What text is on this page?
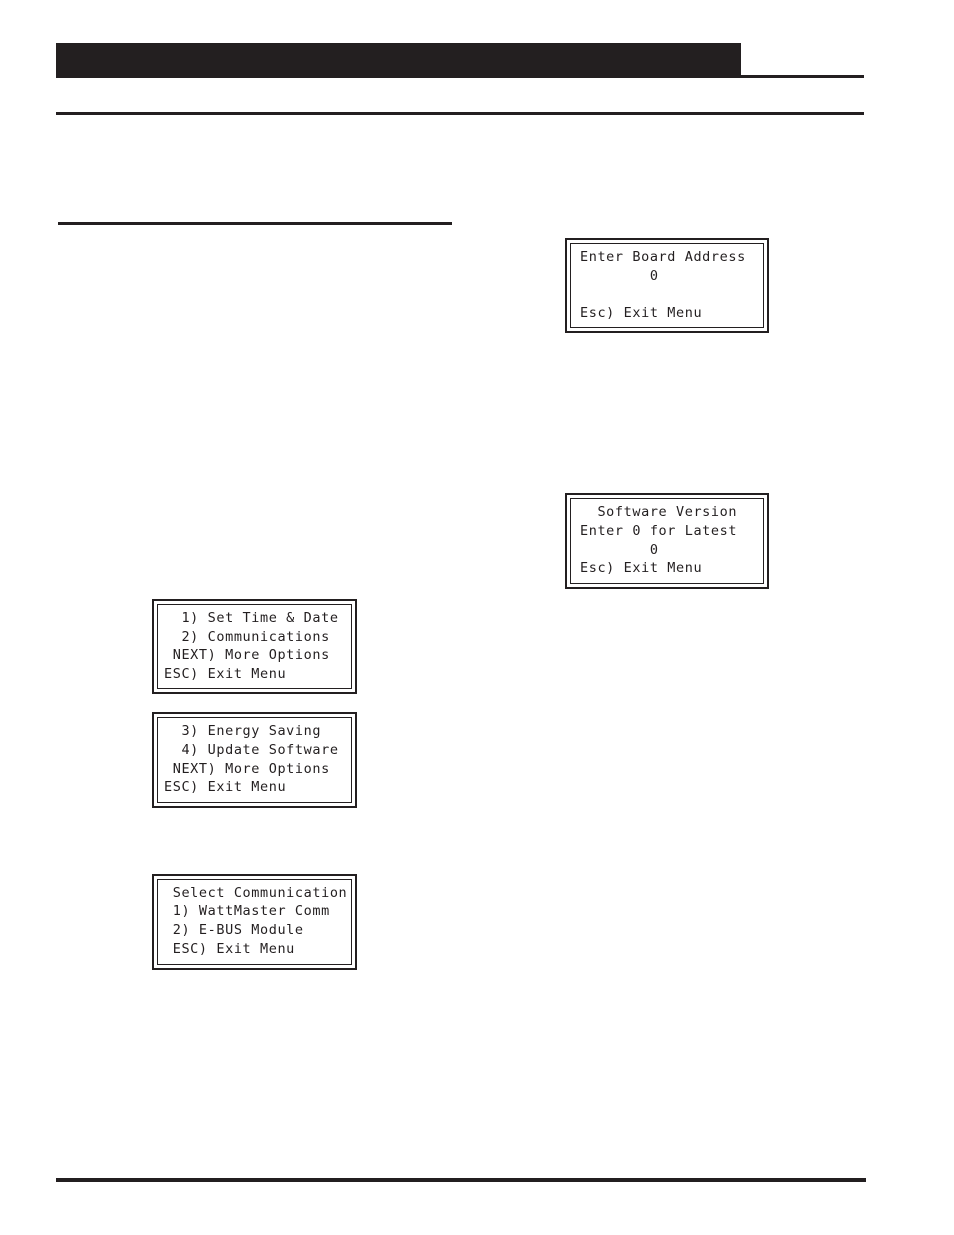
Enter Board Address
0
Esc) Exit Menu
Software Version
Enter 0 for Latest
0
Esc) Exit Menu
1) Set Time & Date
2) Communications
NEXT) More Options
ESC) Exit Menu
3) Energy Saving
4) Update Software
NEXT) More Options
ESC) Exit Menu
Select Communication
1) WattMaster Comm
2) E-BUS Module
ESC) Exit Menu
